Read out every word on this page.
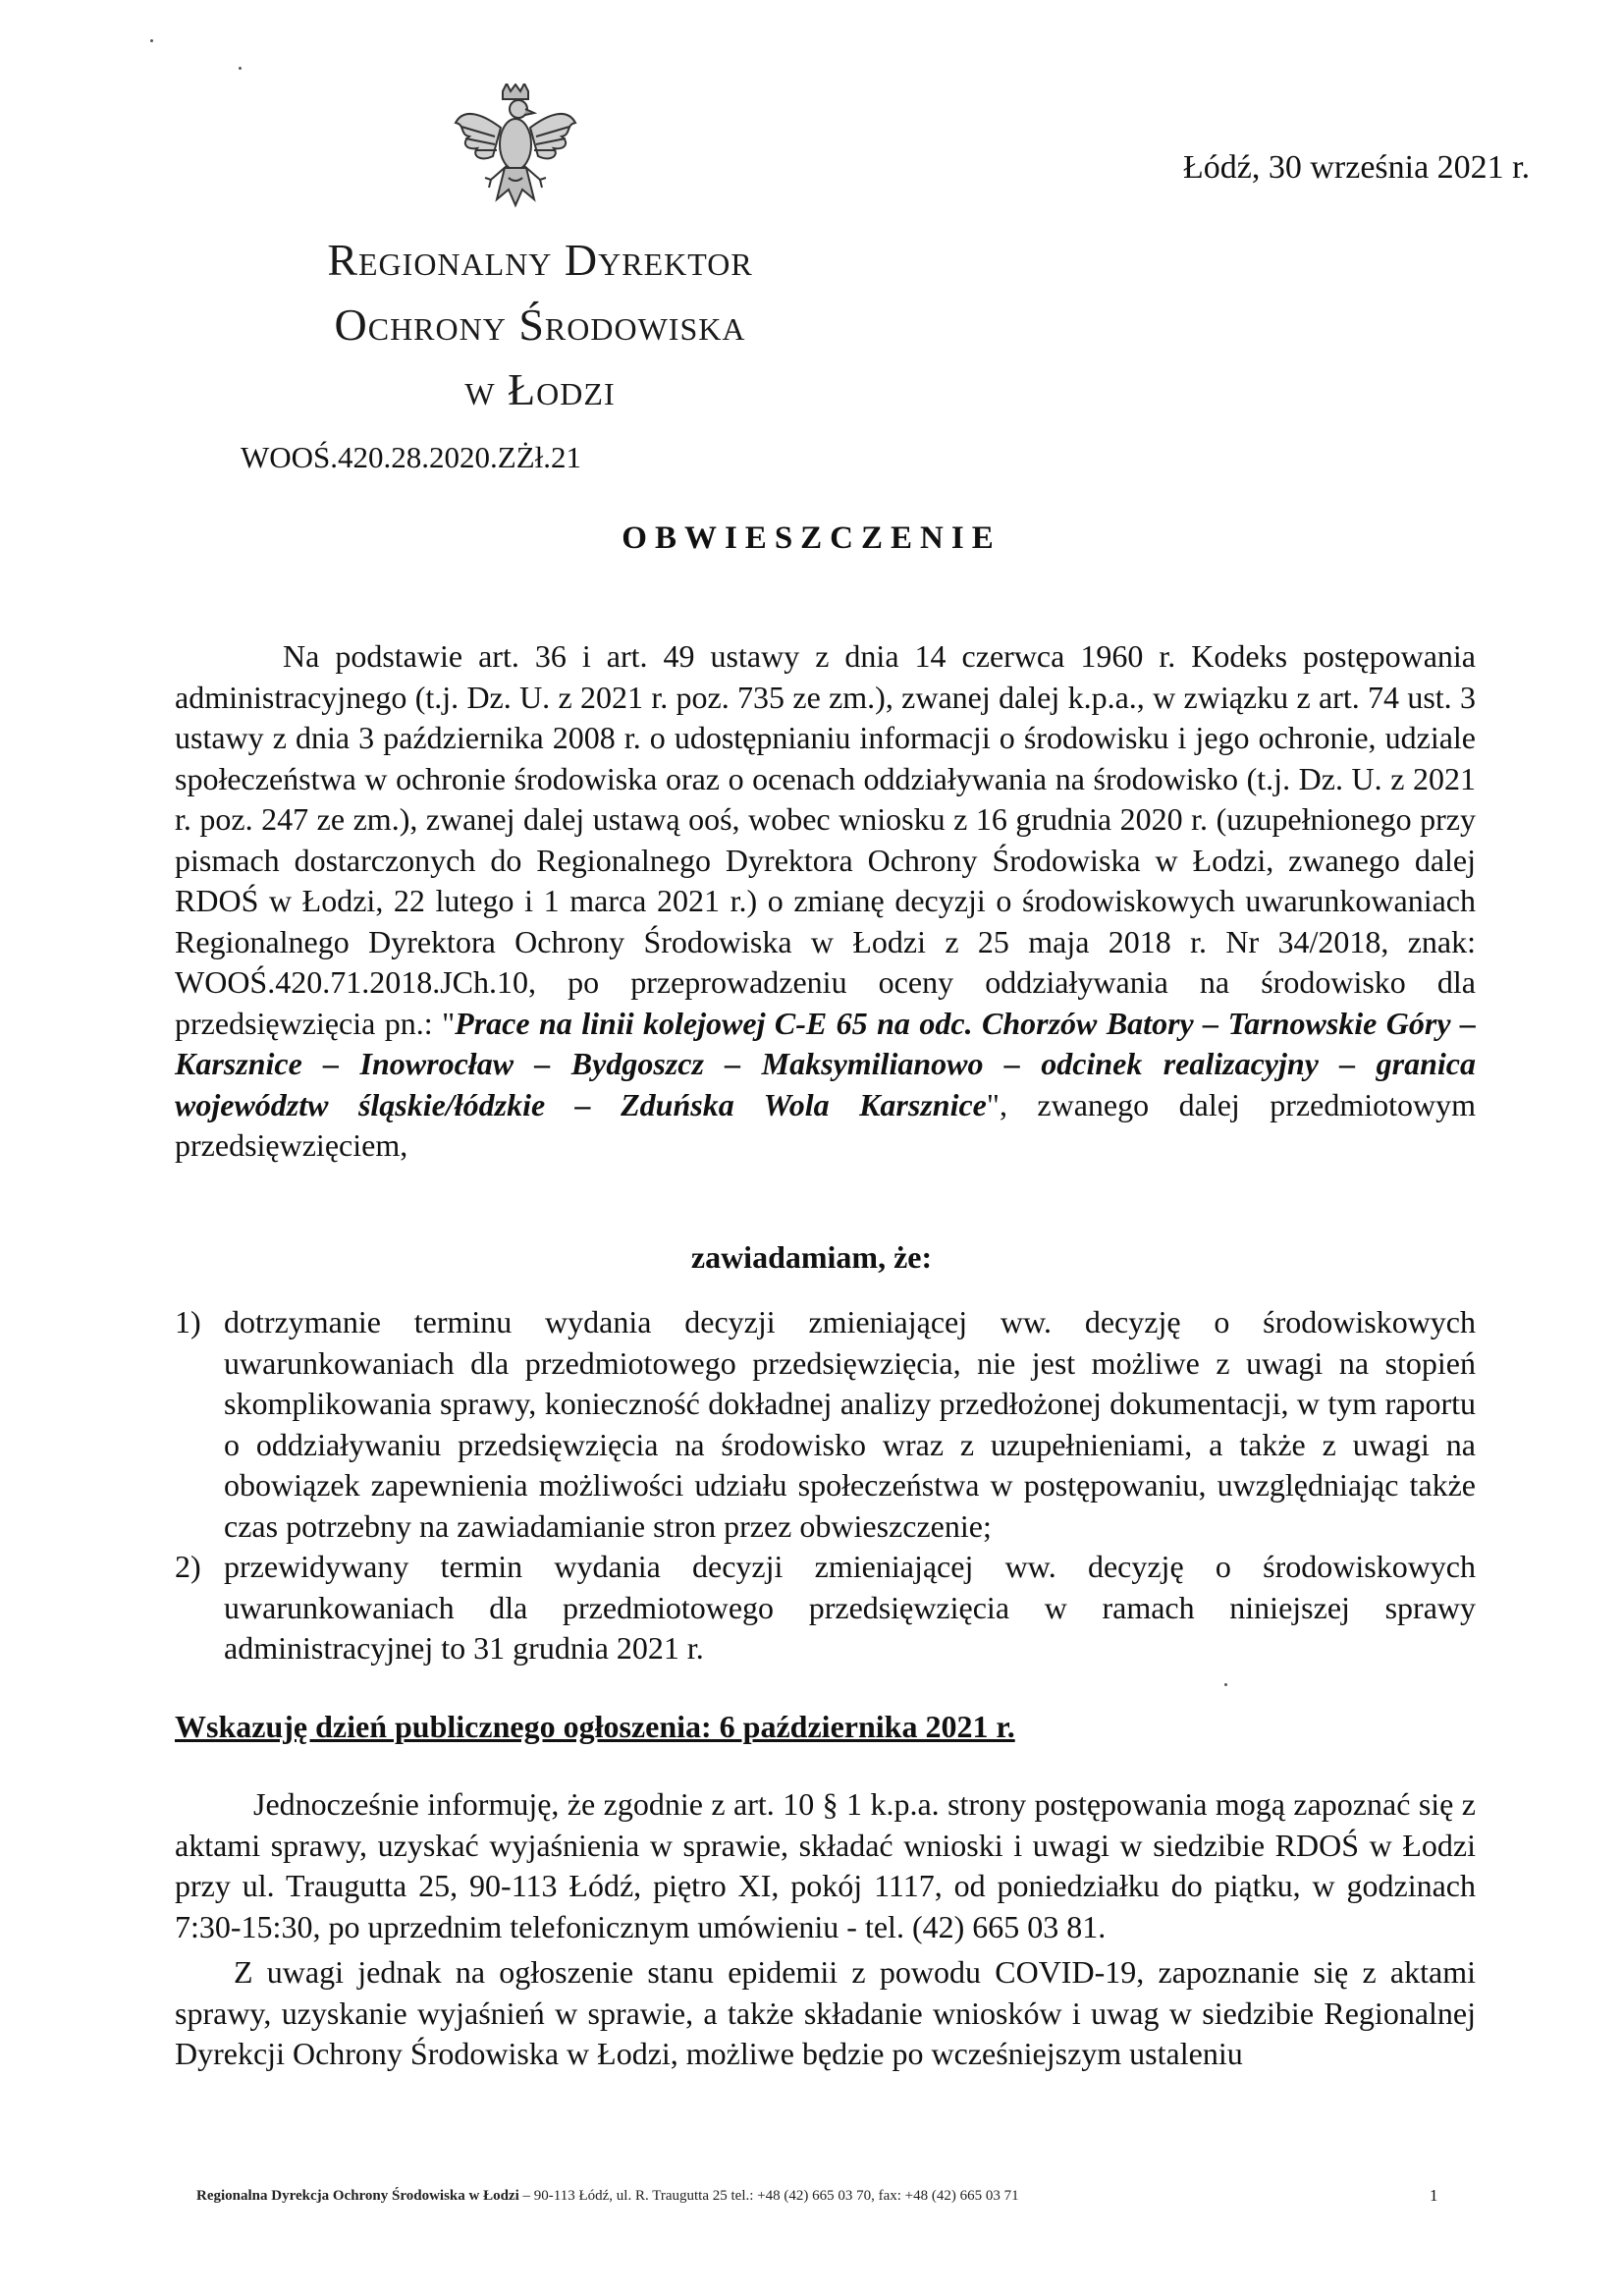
Łódź, 30 września 2021 r.
Regionalny Dyrektor
Ochrony Środowiska
w Łodzi
WOOŚ.420.28.2020.ZŻł.21
OBWIESZCZENIE
Na podstawie art. 36 i art. 49 ustawy z dnia 14 czerwca 1960 r. Kodeks postępowania administracyjnego (t.j. Dz. U. z 2021 r. poz. 735 ze zm.), zwanej dalej k.p.a., w związku z art. 74 ust. 3 ustawy z dnia 3 października 2008 r. o udostępnianiu informacji o środowisku i jego ochronie, udziale społeczeństwa w ochronie środowiska oraz o ocenach oddziaływania na środowisko (t.j. Dz. U. z 2021 r. poz. 247 ze zm.), zwanej dalej ustawą ooś, wobec wniosku z 16 grudnia 2020 r. (uzupełnionego przy pismach dostarczonych do Regionalnego Dyrektora Ochrony Środowiska w Łodzi, zwanego dalej RDOŚ w Łodzi, 22 lutego i 1 marca 2021 r.) o zmianę decyzji o środowiskowych uwarunkowaniach Regionalnego Dyrektora Ochrony Środowiska w Łodzi z 25 maja 2018 r. Nr 34/2018, znak: WOOŚ.420.71.2018.JCh.10, po przeprowadzeniu oceny oddziaływania na środowisko dla przedsięwzięcia pn.: "Prace na linii kolejowej C-E 65 na odc. Chorzów Batory – Tarnowskie Góry – Karsznice – Inowrocław – Bydgoszcz – Maksymilianowo – odcinek realizacyjny – granica województw śląskie/łódzkie – Zduńska Wola Karsznice", zwanego dalej przedmiotowym przedsięwzięciem,
zawiadamiam, że:
1) dotrzymanie terminu wydania decyzji zmieniającej ww. decyzję o środowiskowych uwarunkowaniach dla przedmiotowego przedsięwzięcia, nie jest możliwe z uwagi na stopień skomplikowania sprawy, konieczność dokładnej analizy przedłożonej dokumentacji, w tym raportu o oddziaływaniu przedsięwzięcia na środowisko wraz z uzupełnieniami, a także z uwagi na obowiązek zapewnienia możliwości udziału społeczeństwa w postępowaniu, uwzględniając także czas potrzebny na zawiadamianie stron przez obwieszczenie;
2) przewidywany termin wydania decyzji zmieniającej ww. decyzję o środowiskowych uwarunkowaniach dla przedmiotowego przedsięwzięcia w ramach niniejszej sprawy administracyjnej to 31 grudnia 2021 r.
Wskazuję dzień publicznego ogłoszenia: 6 października 2021 r.
Jednocześnie informuję, że zgodnie z art. 10 § 1 k.p.a. strony postępowania mogą zapoznać się z aktami sprawy, uzyskać wyjaśnienia w sprawie, składać wnioski i uwagi w siedzibie RDOŚ w Łodzi przy ul. Traugutta 25, 90-113 Łódź, piętro XI, pokój 1117, od poniedziałku do piątku, w godzinach 7:30-15:30, po uprzednim telefonicznym umówieniu - tel. (42) 665 03 81.
Z uwagi jednak na ogłoszenie stanu epidemii z powodu COVID-19, zapoznanie się z aktami sprawy, uzyskanie wyjaśnień w sprawie, a także składanie wniosków i uwag w siedzibie Regionalnej Dyrekcji Ochrony Środowiska w Łodzi, możliwe będzie po wcześniejszym ustaleniu
Regionalna Dyrekcja Ochrony Środowiska w Łodzi – 90-113 Łódź, ul. R. Traugutta 25 tel.: +48 (42) 665 03 70, fax: +48 (42) 665 03 71	1
